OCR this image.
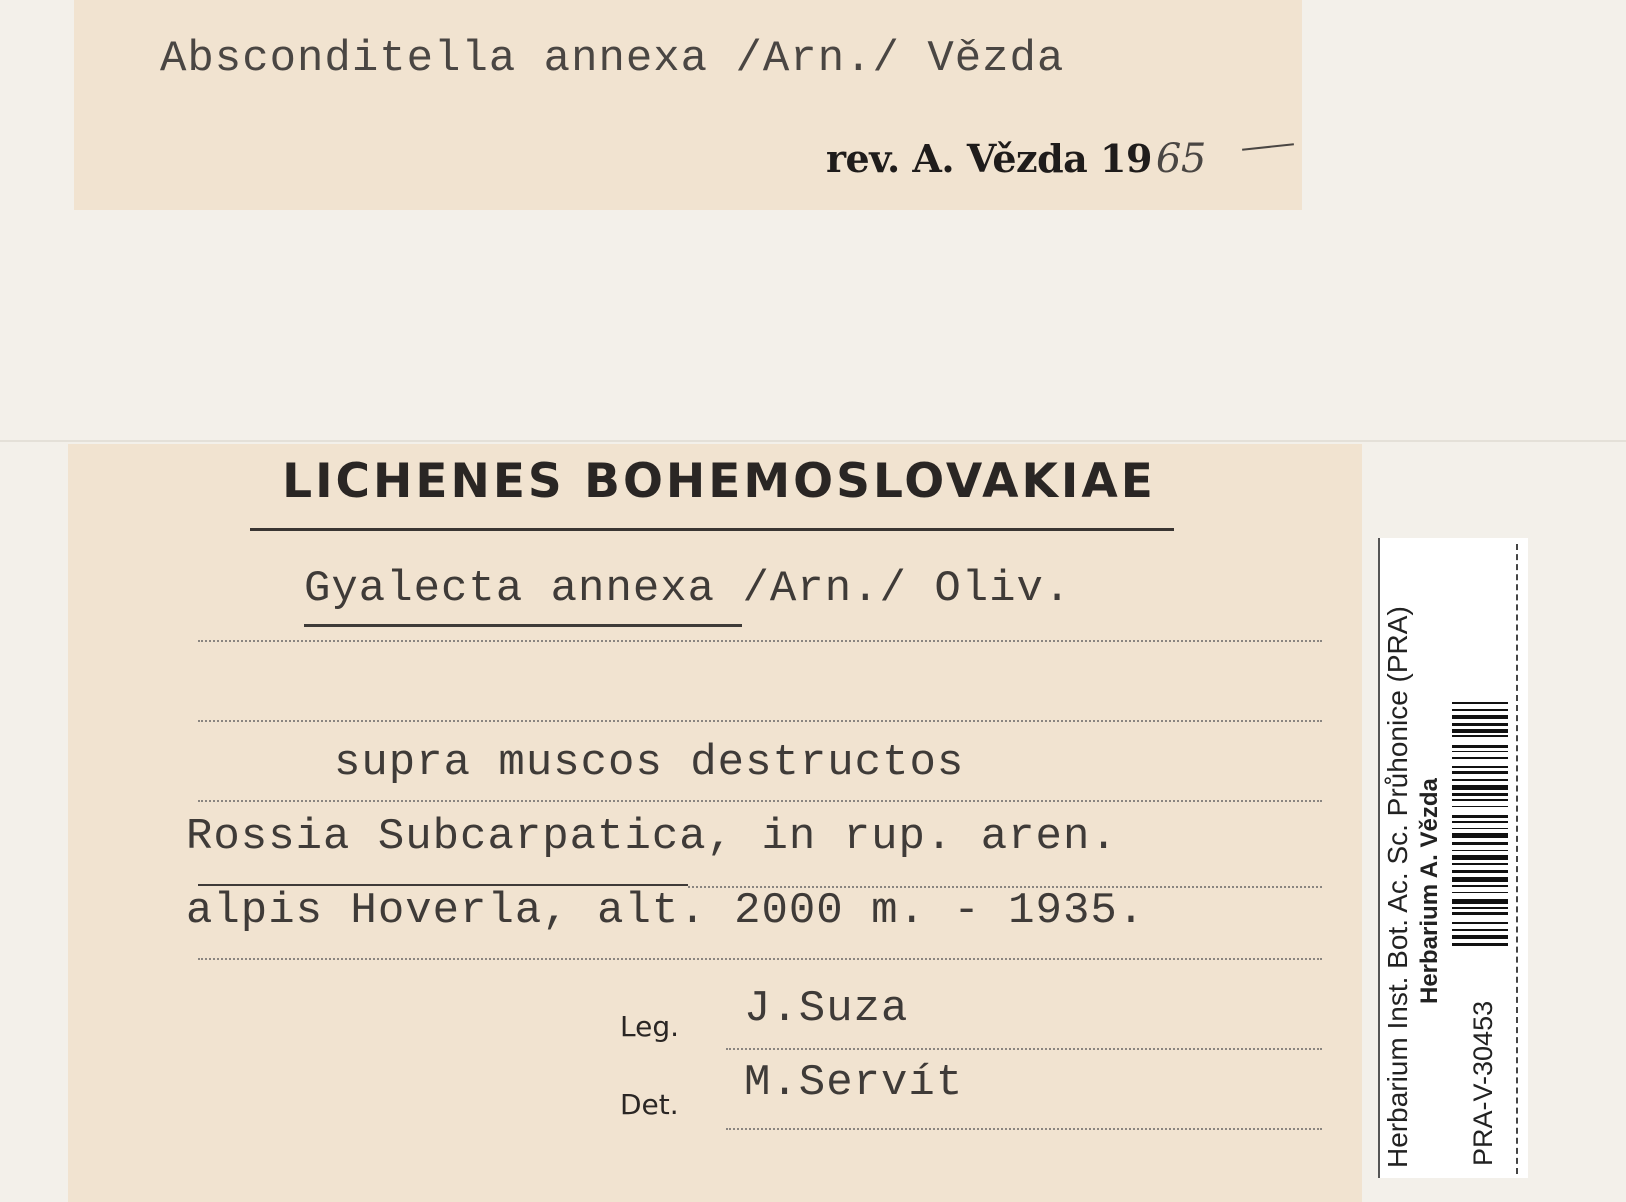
Absconditella annexa /Arn./ Vězda
rev. A. Vězda 19 65
LICHENES BOHEMOSLOVAKIAE
Gyalecta annexa /Arn./ Oliv.
supra muscos destructos
Rossia Subcarpatica, in rup. aren.
alpis Hoverla, alt. 2000 m. - 1935.
Leg. J.Suza
Det. M.Servít	Herbarium Inst. Bot. Ac. Sc. Průhonice (PRA) Herbarium A. Vězda
PRA-V-30453
